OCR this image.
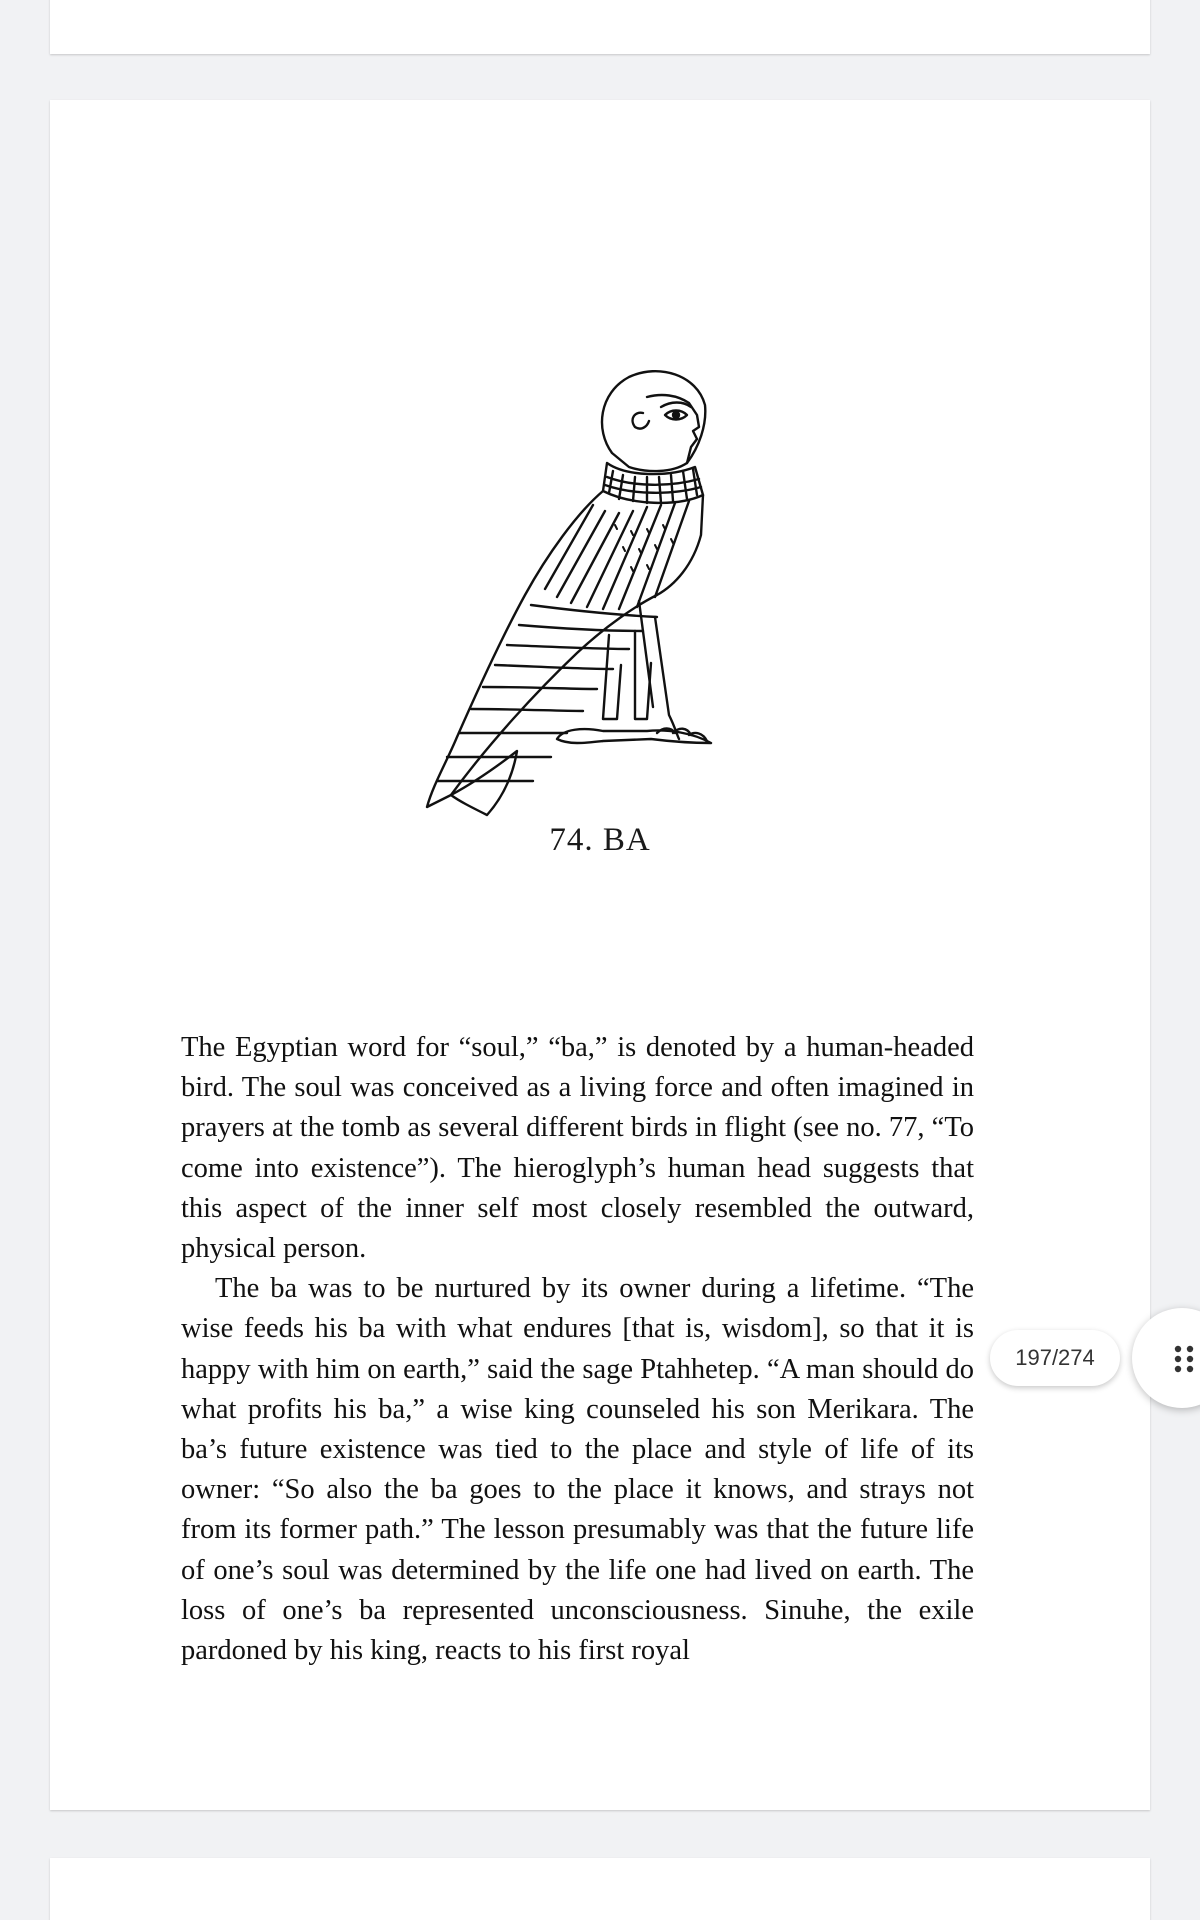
74. BA

The Egyptian word for “soul,” “ba,” is denoted by a human-headed bird. The soul was conceived as a living force and often imagined in prayers at the tomb as several different birds in flight (see no. 77, “To come into existence”). The hieroglyph’s human head suggests that this aspect of the inner self most closely resembled the outward, physical person.

The ba was to be nurtured by its owner during a lifetime. “The wise feeds his ba with what endures [that is, wisdom], so that it is happy with him on earth,” said the sage Ptahhetep. “A man should do what profits his ba,” a wise king counseled his son Merikara. The ba’s future existence was tied to the place and style of life of its owner: “So also the ba goes to the place it knows, and strays not from its former path.” The lesson presumably was that the future life of one’s soul was determined by the life one had lived on earth. The loss of one’s ba represented unconsciousness. Sinuhe, the exile pardoned by his king, reacts to his first royal

197/274
